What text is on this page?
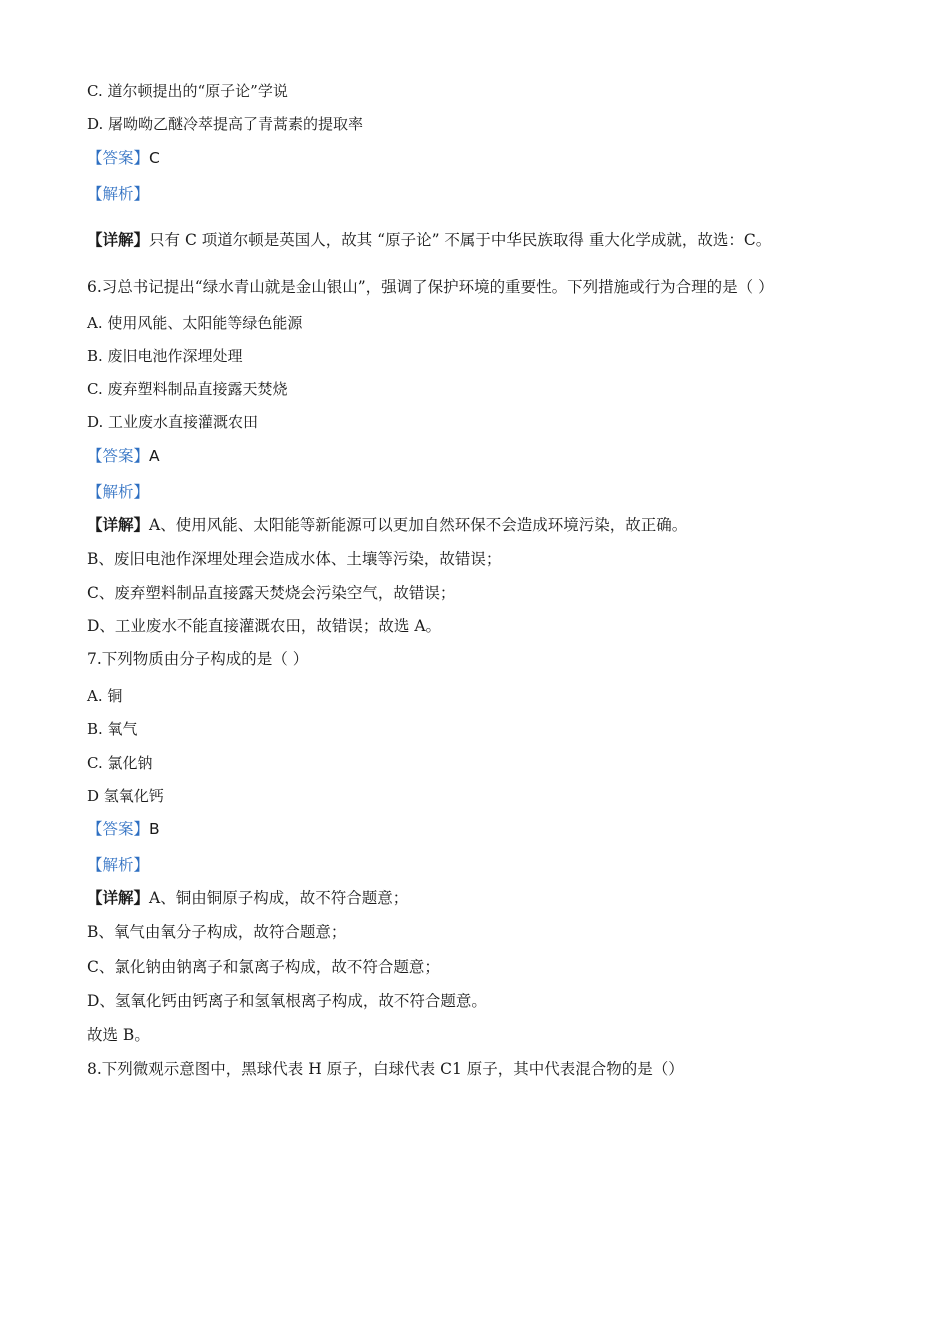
C. 道尔顿提出的“原子论”学说
D. 屠呦呦乙醚冷萃提高了青蒿素的提取率
【答案】C
【解析】
【详解】只有 C 项道尔顿是英国人，故其 “原子论” 不属于中华民族取得 重大化学成就，故选：C。
6.习总书记提出“绿水青山就是金山银山”，强调了保护环境的重要性。下列措施或行为合理的是（ ）
A. 使用风能、太阳能等绿色能源
B. 废旧电池作深埋处理
C. 废弃塑料制品直接露天焚烧
D. 工业废水直接灌溉农田
【答案】A
【解析】
【详解】A、使用风能、太阳能等新能源可以更加自然环保不会造成环境污染，故正确。
B、废旧电池作深埋处理会造成水体、土壤等污染，故错误；
C、废弃塑料制品直接露天焚烧会污染空气，故错误；
D、工业废水不能直接灌溉农田，故错误；故选 A。
7.下列物质由分子构成的是（ ）
A. 铜
B. 氧气
C. 氯化钠
D 氢氧化钙
【答案】B
【解析】
【详解】A、铜由铜原子构成，故不符合题意；
B、氧气由氧分子构成，故符合题意；
C、氯化钠由钠离子和氯离子构成，故不符合题意；
D、氢氧化钙由钙离子和氢氧根离子构成，故不符合题意。
故选 B。
8.下列微观示意图中，黑球代表 H 原子，白球代表 C1 原子，其中代表混合物的是（）
